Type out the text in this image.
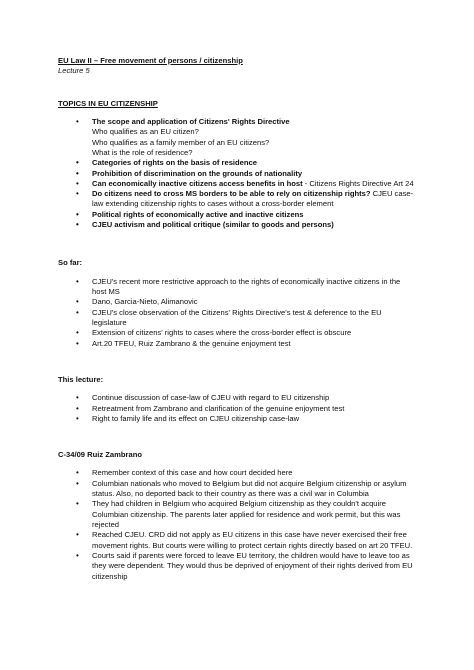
EU Law II – Free movement of persons / citizenship

Lecture 5

TOPICS IN EU CITIZENSHIP

• The scope and application of Citizens' Rights Directive
Who qualifies as an EU citizen?
Who qualifies as a family member of an EU citizens?
What is the role of residence?
• Categories of rights on the basis of residence
• Prohibition of discrimination on the grounds of nationality
• Can economically inactive citizens access benefits in host - Citizens Rights Directive Art 24
• Do citizens need to cross MS borders to be able to rely on citizenship rights? CJEU case-law extending citizenship rights to cases without a cross-border element
• Political rights of economically active and inactive citizens
• CJEU activism and political critique (similar to goods and persons)

So far:

• CJEU's recent more restrictive approach to the rights of economically inactive citizens in the host MS
• Dano, Garcia-Nieto, Alimanovic
• CJEU's close observation of the Citizens' Rights Directive's test & deference to the EU legislature
• Extension of citizens' rights to cases where the cross-border effect is obscure
• Art.20 TFEU, Ruiz Zambrano & the genuine enjoyment test

This lecture:

• Continue discussion of case-law of CJEU with regard to EU citizenship
• Retreatment from Zambrano and clarification of the genuine enjoyment test
• Right to family life and its effect on CJEU citizenship case-law

C-34/09 Ruiz Zambrano

• Remember context of this case and how court decided here
• Columbian nationals who moved to Belgium but did not acquire Belgium citizenship or asylum status. Also, no deported back to their country as there was a civil war in Columbia
• They had children in Belgium who acquired Belgium citizenship as they couldn't acquire Columbian citizenship. The parents later applied for residence and work permit, but this was rejected
• Reached CJEU. CRD did not apply as EU citizens in this case have never exercised their free movement rights. But courts were willing to protect certain rights directly based on art 20 TFEU.
• Courts said if parents were forced to leave EU territory, the children would have to leave too as they were dependent. They would thus be deprived of enjoyment of their rights derived from EU citizenship
